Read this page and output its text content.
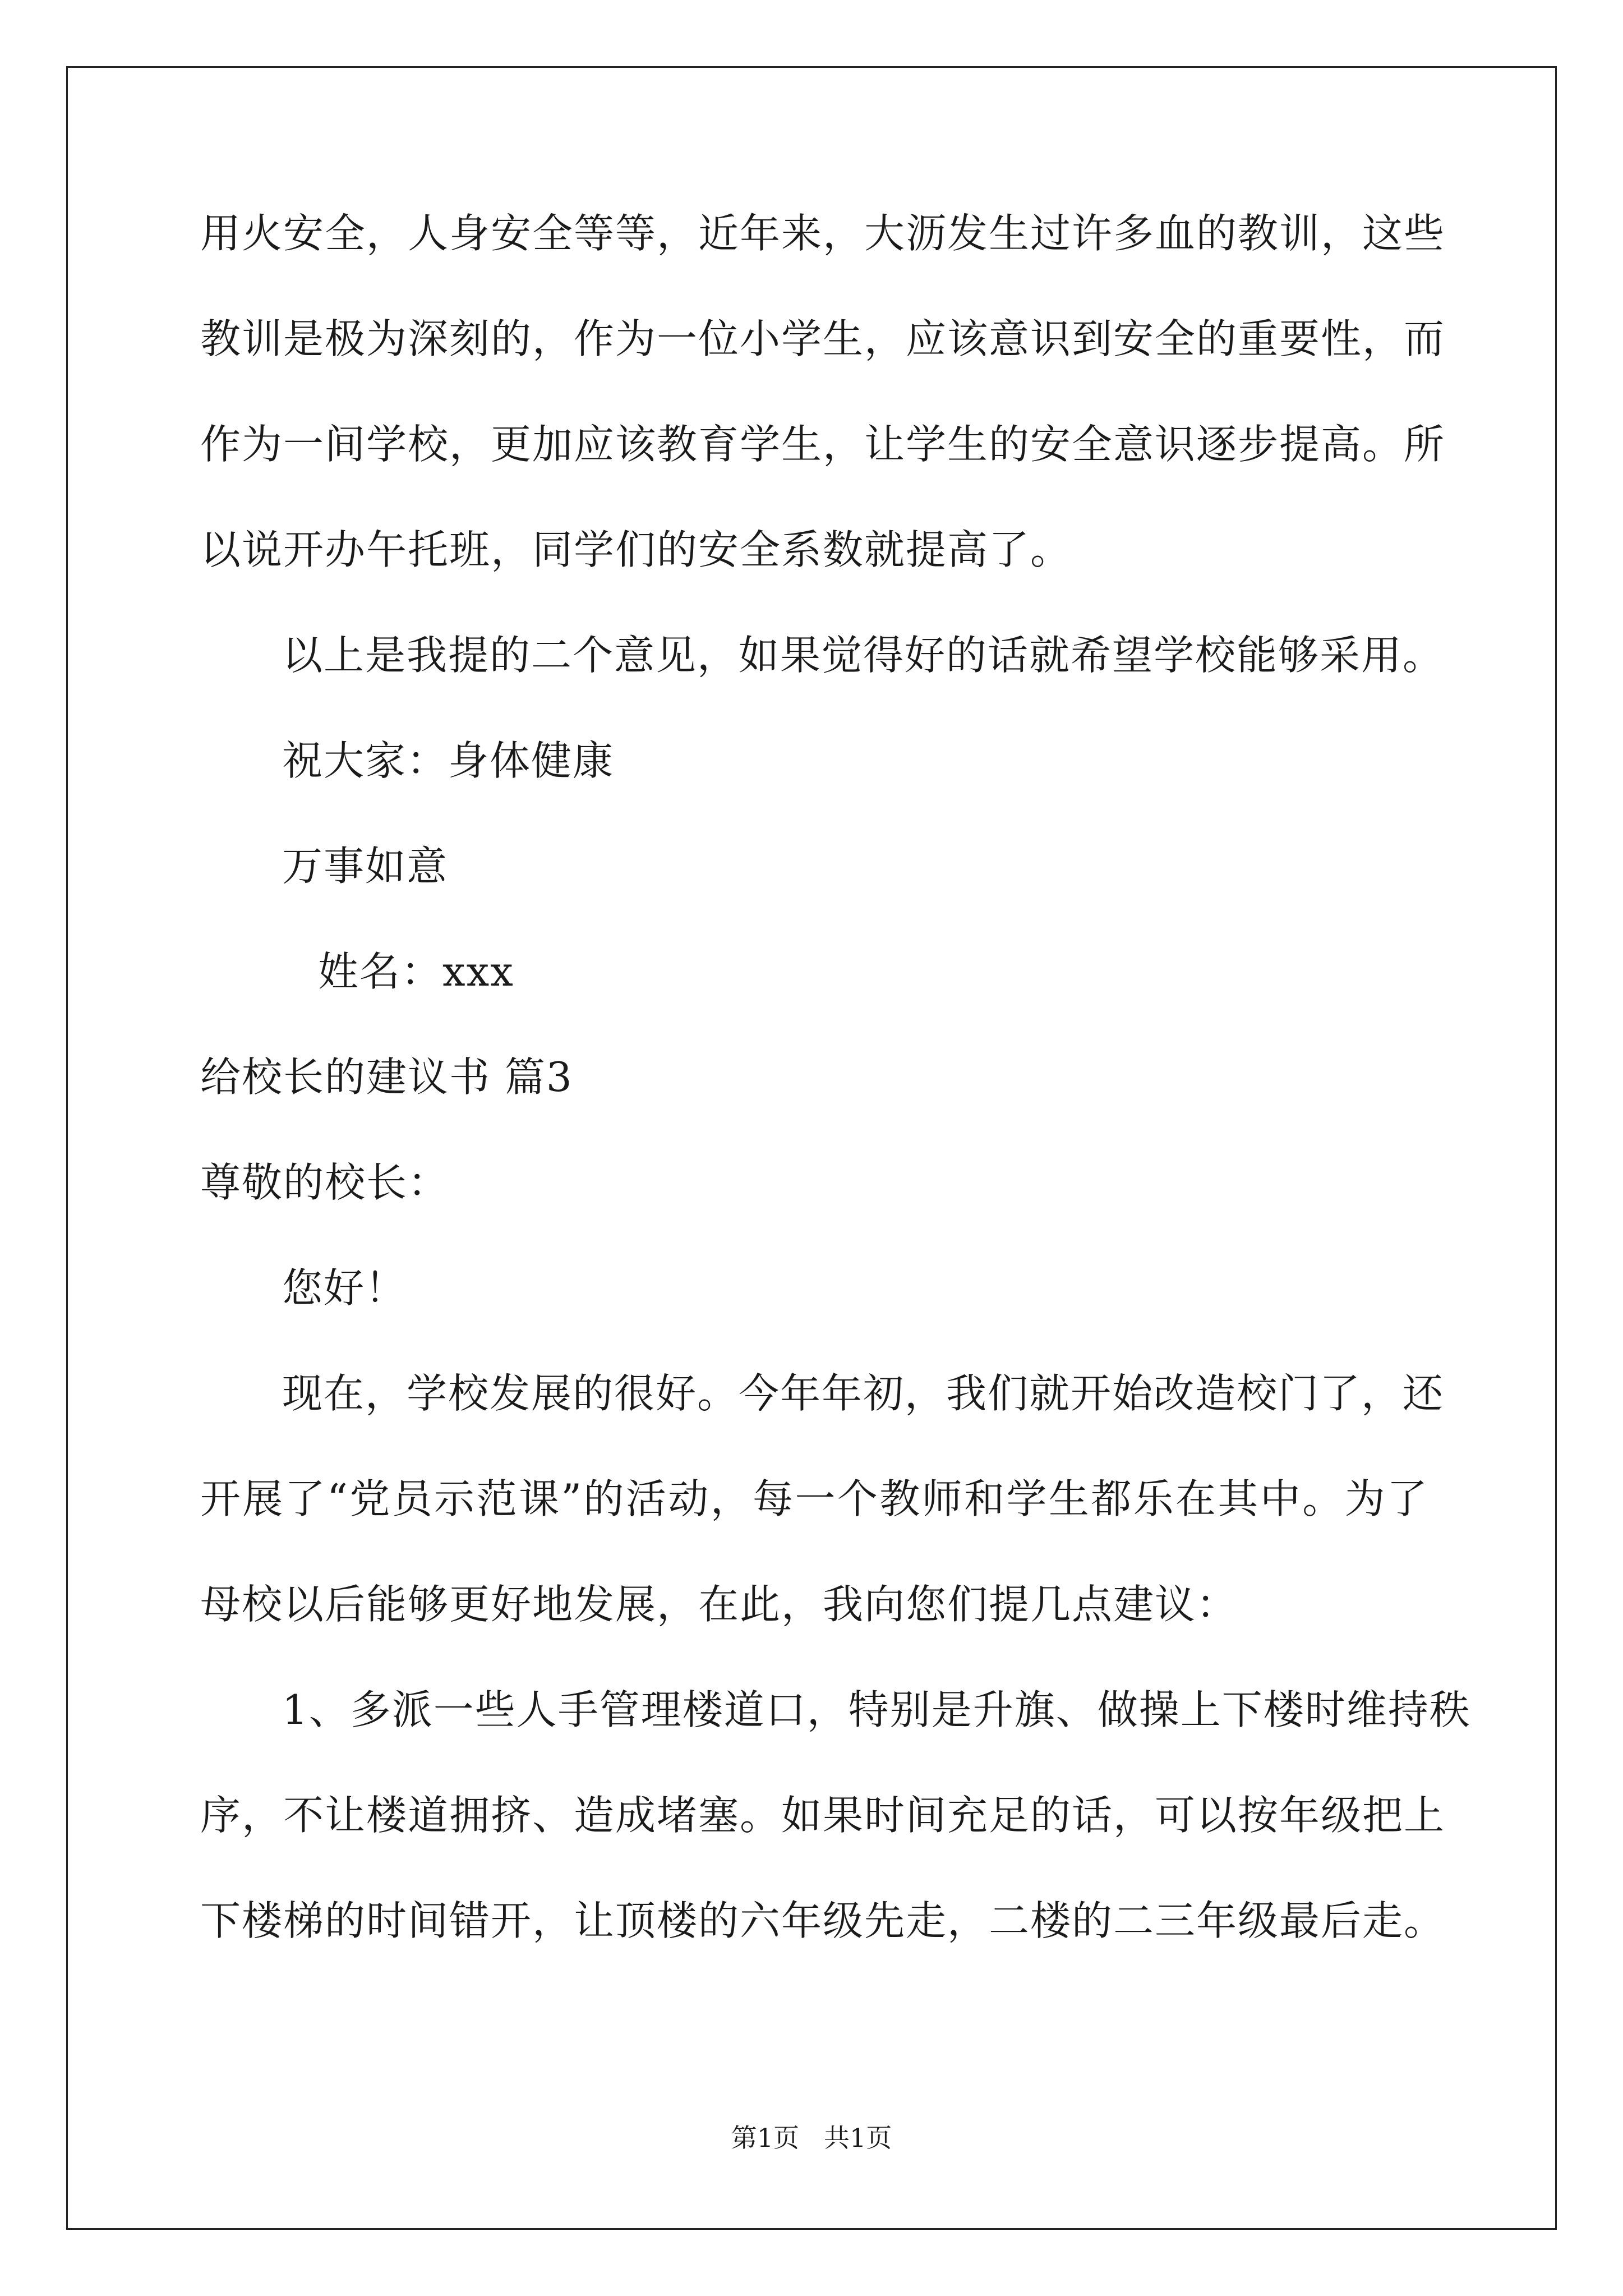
用火安全，人身安全等等，近年来，大沥发生过许多血的教训，这些
教训是极为深刻的，作为一位小学生，应该意识到安全的重要性，而
作为一间学校，更加应该教育学生，让学生的安全意识逐步提高。所
以说开办午托班，同学们的安全系数就提高了。
以上是我提的二个意见，如果觉得好的话就希望学校能够采用。
祝大家：身体健康
万事如意
姓名：xxx
给校长的建议书 篇3
尊敬的校长：
您好！
现在，学校发展的很好。今年年初，我们就开始改造校门了，还
开展了“党员示范课”的活动，每一个教师和学生都乐在其中。为了
母校以后能够更好地发展，在此，我向您们提几点建议：
1、多派一些人手管理楼道口，特别是升旗、做操上下楼时维持秩
序，不让楼道拥挤、造成堵塞。如果时间充足的话，可以按年级把上
下楼梯的时间错开，让顶楼的六年级先走，二楼的二三年级最后走。
第1页 共1页
